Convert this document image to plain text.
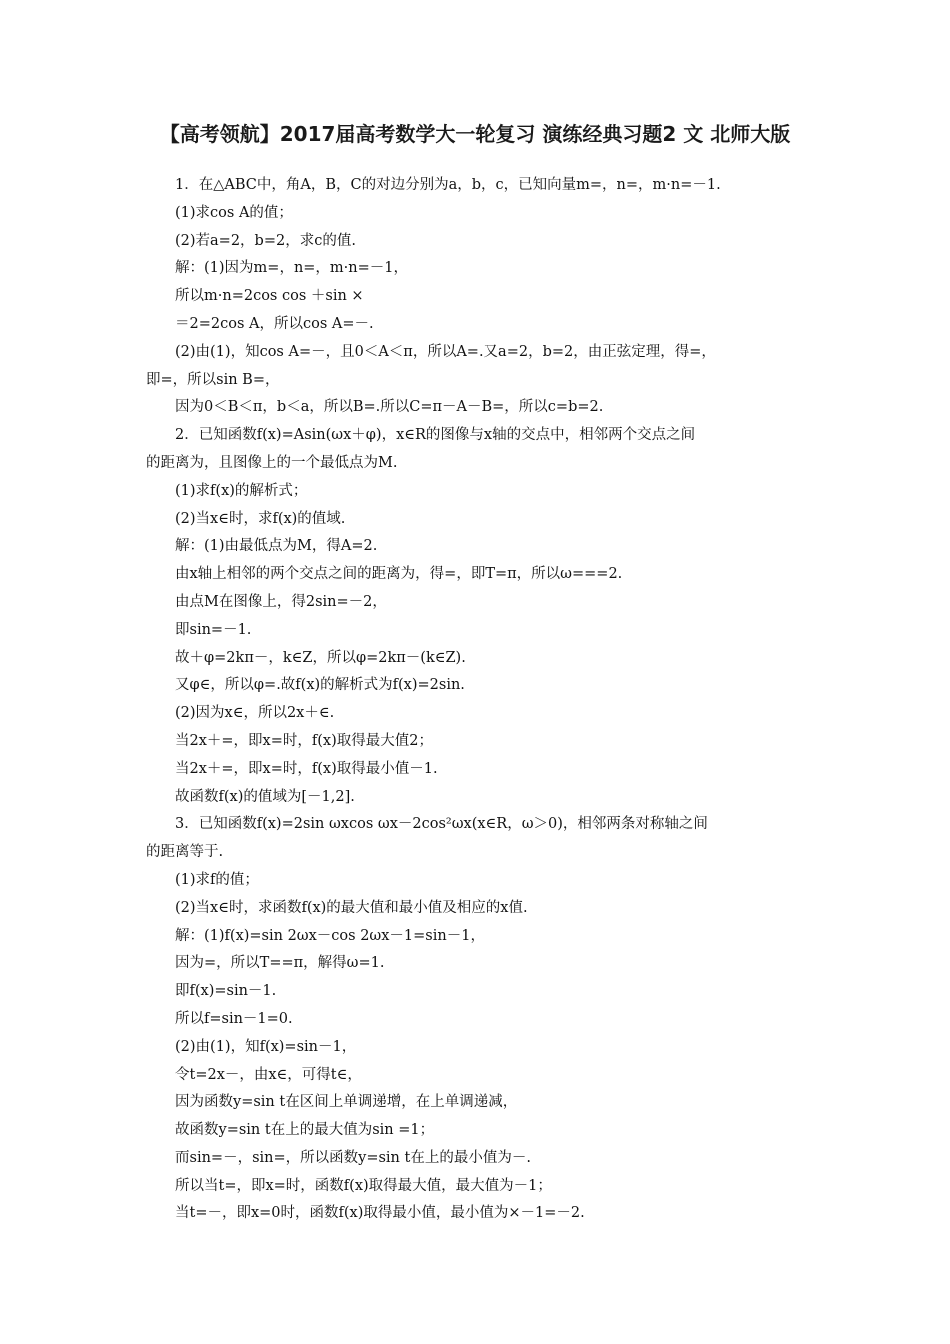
【高考领航】2017届高考数学大一轮复习 演练经典习题2 文 北师大版
1．在△ABC中，角A，B，C的对边分别为a，b，c，已知向量m=，n=，m·n=－1.
(1)求cos A的值；
(2)若a=2，b=2，求c的值.
解：(1)因为m=，n=，m·n=－1，
所以m·n=2cos cos ＋sin ×
＝2=2cos A，所以cos A=－.
(2)由(1)，知cos A=－，且0＜A＜π，所以A=.又a=2，b=2，由正弦定理，得=，
即=，所以sin B=，
因为0＜B＜π，b＜a，所以B=.所以C=π－A－B=，所以c=b=2.
2．已知函数f(x)=Asin(ωx＋φ)，x∈R的图像与x轴的交点中，相邻两个交点之间
的距离为，且图像上的一个最低点为M.
(1)求f(x)的解析式；
(2)当x∈时，求f(x)的值域.
解：(1)由最低点为M，得A=2.
由x轴上相邻的两个交点之间的距离为，得=，即T=π，所以ω===2.
由点M在图像上，得2sin=－2，
即sin=－1.
故＋φ=2kπ－，k∈Z，所以φ=2kπ－(k∈Z).
又φ∈，所以φ=.故f(x)的解析式为f(x)=2sin.
(2)因为x∈，所以2x＋∈.
当2x＋=，即x=时，f(x)取得最大值2；
当2x＋=，即x=时，f(x)取得最小值－1.
故函数f(x)的值域为[－1,2].
3．已知函数f(x)=2sin ωxcos ωx－2cos²ωx(x∈R，ω＞0)，相邻两条对称轴之间
的距离等于.
(1)求f的值；
(2)当x∈时，求函数f(x)的最大值和最小值及相应的x值.
解：(1)f(x)=sin 2ωx－cos 2ωx－1=sin－1，
因为=，所以T==π，解得ω=1.
即f(x)=sin－1.
所以f=sin－1=0.
(2)由(1)，知f(x)=sin－1，
令t=2x－，由x∈，可得t∈，
因为函数y=sin t在区间上单调递增，在上单调递减，
故函数y=sin t在上的最大值为sin =1；
而sin=－，sin=，所以函数y=sin t在上的最小值为－.
所以当t=，即x=时，函数f(x)取得最大值，最大值为－1；
当t=－，即x=0时，函数f(x)取得最小值，最小值为×－1=－2.
